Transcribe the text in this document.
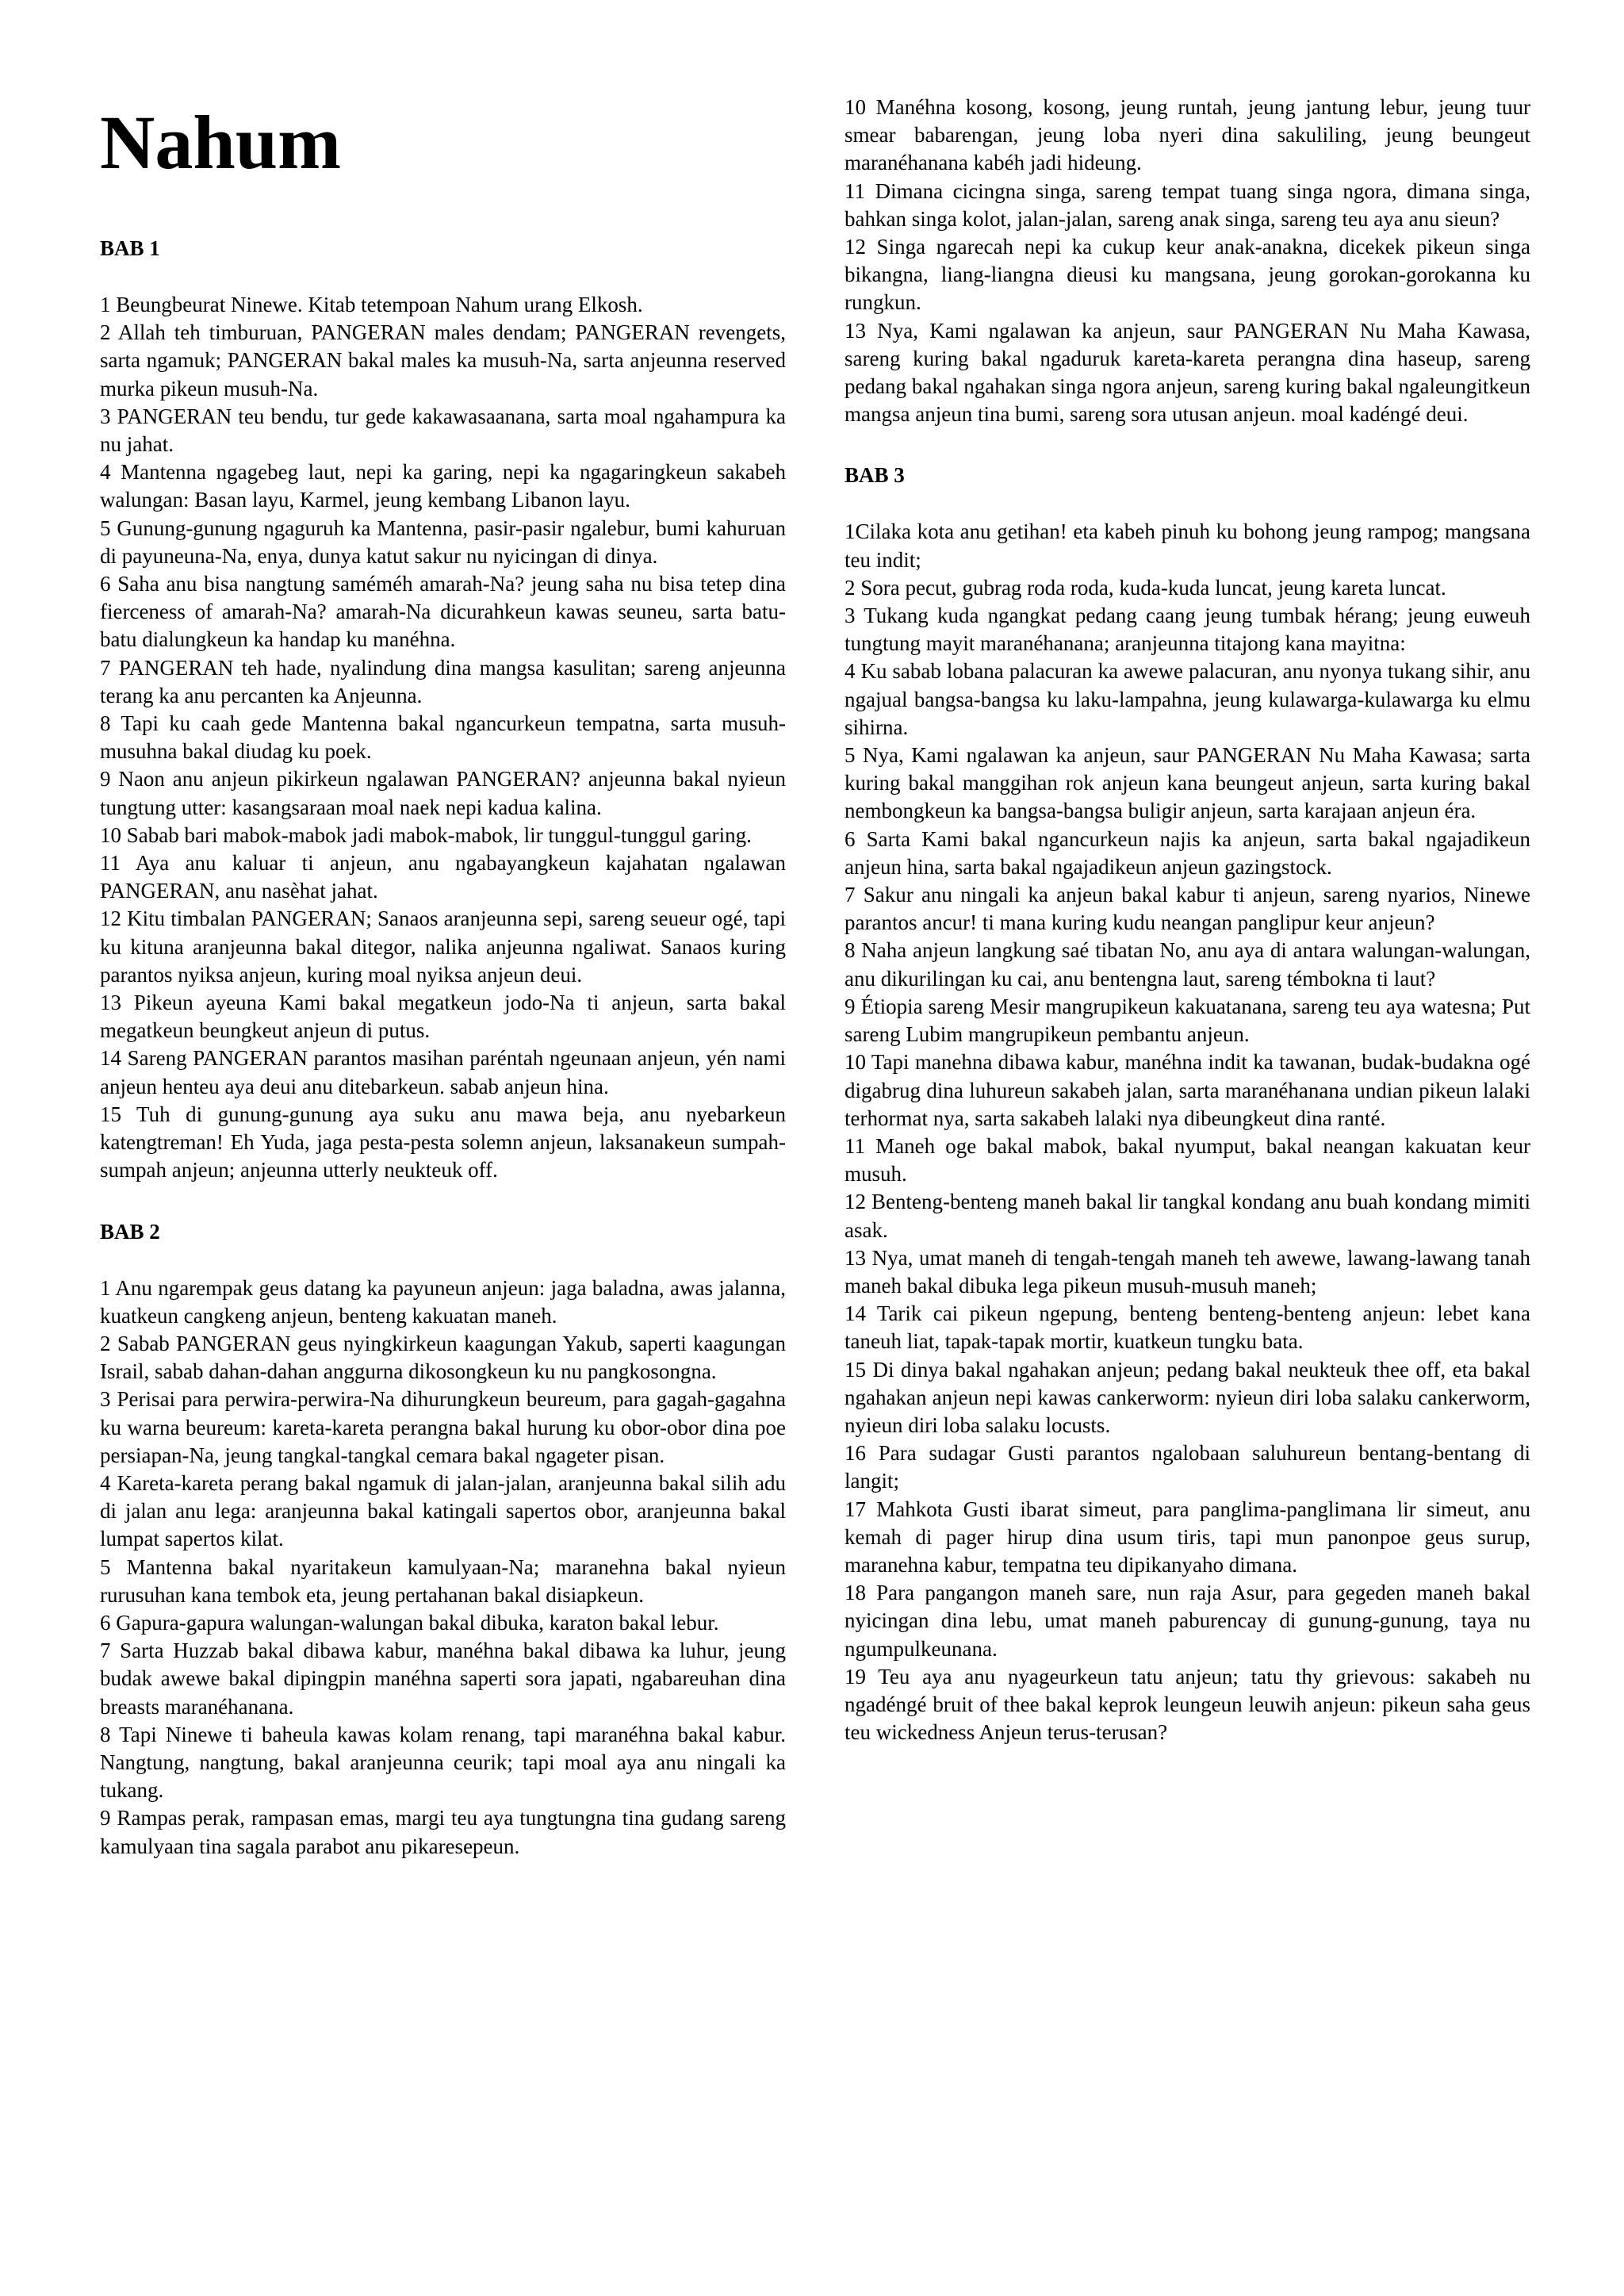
Nahum
BAB 1

1 Beungbeurat Ninewe. Kitab tetempoan Nahum urang Elkosh.

2 Allah teh timburuan, PANGERAN males dendam; PANGERAN revengets, sarta ngamuk; PANGERAN bakal males ka musuh-Na, sarta anjeunna reserved murka pikeun musuh-Na.

3 PANGERAN teu bendu, tur gede kakawasaanana, sarta moal ngahampura ka nu jahat.

4 Mantenna ngagebeg laut, nepi ka garing, nepi ka ngagaringkeun sakabeh walungan: Basan layu, Karmel, jeung kembang Libanon layu.

5 Gunung-gunung ngaguruh ka Mantenna, pasir-pasir ngalebur, bumi kahuruan di payuneuna-Na, enya, dunya katut sakur nu nyicingan di dinya.

6 Saha anu bisa nangtung saméméh amarah-Na? jeung saha nu bisa tetep dina fierceness of amarah-Na? amarah-Na dicurahkeun kawas seuneu, sarta batu-batu dialungkeun ka handap ku manéhna.

7 PANGERAN teh hade, nyalindung dina mangsa kasulitan; sareng anjeunna terang ka anu percanten ka Anjeunna.

8 Tapi ku caah gede Mantenna bakal ngancurkeun tempatna, sarta musuh-musuhna bakal diudag ku poek.

9 Naon anu anjeun pikirkeun ngalawan PANGERAN? anjeunna bakal nyieun tungtung utter: kasangsaraan moal naek nepi kadua kalina.

10 Sabab bari mabok-mabok jadi mabok-mabok, lir tunggul-tunggul garing.

11 Aya anu kaluar ti anjeun, anu ngabayangkeun kajahatan ngalawan PANGERAN, anu nasèhat jahat.

12 Kitu timbalan PANGERAN; Sanaos aranjeunna sepi, sareng seueur ogé, tapi ku kituna aranjeunna bakal ditegor, nalika anjeunna ngaliwat. Sanaos kuring parantos nyiksa anjeun, kuring moal nyiksa anjeun deui.

13 Pikeun ayeuna Kami bakal megatkeun jodo-Na ti anjeun, sarta bakal megatkeun beungkeut anjeun di putus.

14 Sareng PANGERAN parantos masihan paréntah ngeunaan anjeun, yén nami anjeun henteu aya deui anu ditebarkeun. sabab anjeun hina.

15 Tuh di gunung-gunung aya suku anu mawa beja, anu nyebarkeun katengtreman! Eh Yuda, jaga pesta-pesta solemn anjeun, laksanakeun sumpah-sumpah anjeun; anjeunna utterly neukteuk off.

BAB 2

1 Anu ngarempak geus datang ka payuneun anjeun: jaga baladna, awas jalanna, kuatkeun cangkeng anjeun, benteng kakuatan maneh.

2 Sabab PANGERAN geus nyingkirkeun kaagungan Yakub, saperti kaagungan Israil, sabab dahan-dahan anggurna dikosongkeun ku nu pangkosongna.

3 Perisai para perwira-perwira-Na dihurungkeun beureum, para gagah-gagahna ku warna beureum: kareta-kareta perangna bakal hurung ku obor-obor dina poe persiapan-Na, jeung tangkal-tangkal cemara bakal ngageter pisan.

4 Kareta-kareta perang bakal ngamuk di jalan-jalan, aranjeunna bakal silih adu di jalan anu lega: aranjeunna bakal katingali sapertos obor, aranjeunna bakal lumpat sapertos kilat.

5 Mantenna bakal nyaritakeun kamulyaan-Na; maranehna bakal nyieun rurusuhan kana tembok eta, jeung pertahanan bakal disiapkeun.

6 Gapura-gapura walungan-walungan bakal dibuka, karaton bakal lebur.

7 Sarta Huzzab bakal dibawa kabur, manéhna bakal dibawa ka luhur, jeung budak awewe bakal dipingpin manéhna saperti sora japati, ngabareuhan dina breasts maranéhanana.

8 Tapi Ninewe ti baheula kawas kolam renang, tapi maranéhna bakal kabur. Nangtung, nangtung, bakal aranjeunna ceurik; tapi moal aya anu ningali ka tukang.

9 Rampas perak, rampasan emas, margi teu aya tungtungna tina gudang sareng kamulyaan tina sagala parabot anu pikaresepeun.

10 Manéhna kosong, kosong, jeung runtah, jeung jantung lebur, jeung tuur smear babarengan, jeung loba nyeri dina sakuliling, jeung beungeut maranéhanana kabéh jadi hideung.

11 Dimana cicingna singa, sareng tempat tuang singa ngora, dimana singa, bahkan singa kolot, jalan-jalan, sareng anak singa, sareng teu aya anu sieun?

12 Singa ngarecah nepi ka cukup keur anak-anakna, dicekek pikeun singa bikangna, liang-liangna dieusi ku mangsana, jeung gorokan-gorokanna ku rungkun.

13 Nya, Kami ngalawan ka anjeun, saur PANGERAN Nu Maha Kawasa, sareng kuring bakal ngaduruk kareta-kareta perangna dina haseup, sareng pedang bakal ngahakan singa ngora anjeun, sareng kuring bakal ngaleungitkeun mangsa anjeun tina bumi, sareng sora utusan anjeun. moal kadéngé deui.

BAB 3

1Cilaka kota anu getihan! eta kabeh pinuh ku bohong jeung rampog; mangsana teu indit;

2 Sora pecut, gubrag roda roda, kuda-kuda luncat, jeung kareta luncat.

3 Tukang kuda ngangkat pedang caang jeung tumbak hérang; jeung euweuh tungtung mayit maranéhanana; aranjeunna titajong kana mayitna:

4 Ku sabab lobana palacuran ka awewe palacuran, anu nyonya tukang sihir, anu ngajual bangsa-bangsa ku laku-lampahna, jeung kulawarga-kulawarga ku elmu sihirna.

5 Nya, Kami ngalawan ka anjeun, saur PANGERAN Nu Maha Kawasa; sarta kuring bakal manggihan rok anjeun kana beungeut anjeun, sarta kuring bakal nembongkeun ka bangsa-bangsa buligir anjeun, sarta karajaan anjeun éra.

6 Sarta Kami bakal ngancurkeun najis ka anjeun, sarta bakal ngajadikeun anjeun hina, sarta bakal ngajadikeun anjeun gazingstock.

7 Sakur anu ningali ka anjeun bakal kabur ti anjeun, sareng nyarios, Ninewe parantos ancur! ti mana kuring kudu neangan panglipur keur anjeun?

8 Naha anjeun langkung saé tibatan No, anu aya di antara walungan-walungan, anu dikurilingan ku cai, anu bentengna laut, sareng témbokna ti laut?

9 Étiopia sareng Mesir mangrupikeun kakuatanana, sareng teu aya watesna; Put sareng Lubim mangrupikeun pembantu anjeun.

10 Tapi manehna dibawa kabur, manéhna indit ka tawanan, budak-budakna ogé digabrug dina luhureun sakabeh jalan, sarta maranéhanana undian pikeun lalaki terhormat nya, sarta sakabeh lalaki nya dibeungkeut dina ranté.

11 Maneh oge bakal mabok, bakal nyumput, bakal neangan kakuatan keur musuh.

12 Benteng-benteng maneh bakal lir tangkal kondang anu buah kondang mimiti asak.

13 Nya, umat maneh di tengah-tengah maneh teh awewe, lawang-lawang tanah maneh bakal dibuka lega pikeun musuh-musuh maneh;

14 Tarik cai pikeun ngepung, benteng benteng-benteng anjeun: lebet kana taneuh liat, tapak-tapak mortir, kuatkeun tungku bata.

15 Di dinya bakal ngahakan anjeun; pedang bakal neukteuk thee off, eta bakal ngahakan anjeun nepi kawas cankerworm: nyieun diri loba salaku cankerworm, nyieun diri loba salaku locusts.

16 Para sudagar Gusti parantos ngalobaan saluhureun bentang-bentang di langit;

17 Mahkota Gusti ibarat simeut, para panglima-panglimana lir simeut, anu kemah di pager hirup dina usum tiris, tapi mun panonpoe geus surup, maranehna kabur, tempatna teu dipikanyaho dimana.

18 Para pangangon maneh sare, nun raja Asur, para gegeden maneh bakal nyicingan dina lebu, umat maneh paburencay di gunung-gunung, taya nu ngumpulkeunana.

19 Teu aya anu nyageurkeun tatu anjeun; tatu thy grievous: sakabeh nu ngadéngé bruit of thee bakal keprok leungeun leuwih anjeun: pikeun saha geus teu wickedness Anjeun terus-terusan?
